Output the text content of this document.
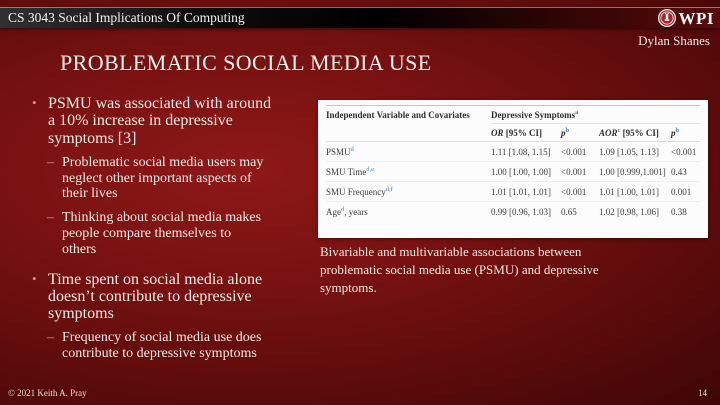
CS 3043 Social Implications Of Computing	WPI
Dylan Shanes
PROBLEMATIC SOCIAL MEDIA USE
• PSMU was associated with around
a 10% increase in depressive
symptoms [3]
– Problematic social media users may
neglect other important aspects of
their lives
– Thinking about social media makes
people compare themselves to
others
• Time spent on social media alone
doesn’t contribute to depressive
symptoms
– Frequency of social media use does
contribute to depressive symptoms
Independent Variable and Covariates	Depressive Symptoms$^a$
	OR [95% CI]	$p^b$	AOR$^c$ [95% CI]	$p^b$
PSMU$^d$	1.11 [1.08, 1.15]	<0.001	1.09 [1.05, 1.13]	<0.001
SMU Time$^{d,e}$	1.00 [1.00, 1.00]	<0.001	1.00 [0.999,1.001]	0.43
SMU Frequency$^{d,f}$	1.01 [1.01, 1.01]	<0.001	1.01 [1.00, 1.01]	0.001
Age$^d$, years	0.99 [0.96, 1.03]	0.65	1.02 [0.98, 1.06]	0.38
Bivariable and multivariable associations between
problematic social media use (PSMU) and depressive
symptoms.
© 2021 Keith A. Pray	14
